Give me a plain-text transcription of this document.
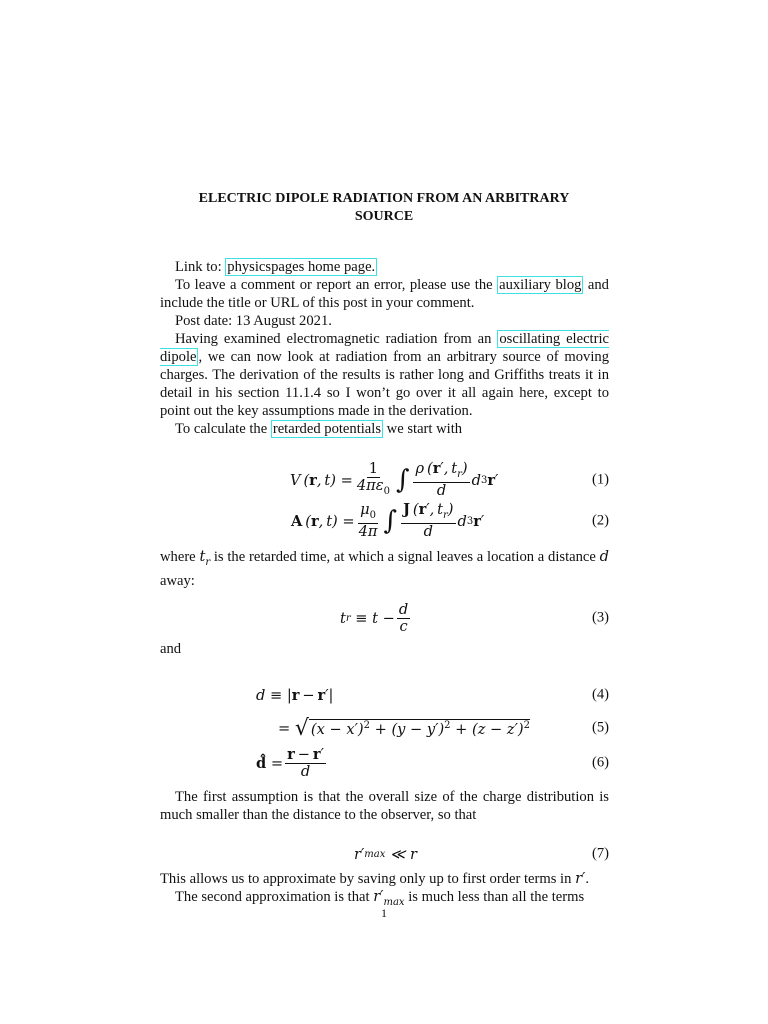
ELECTRIC DIPOLE RADIATION FROM AN ARBITRARY
SOURCE
Link to: physicspages home page.
To leave a comment or report an error, please use the auxiliary blog and include the title or URL of this post in your comment.
Post date: 13 August 2021.
Having examined electromagnetic radiation from an oscillating electric dipole , we can now look at radiation from an arbitrary source of moving charges. The derivation of the results is rather long and Griffiths treats it in detail in his section 11.1.4 so I won’t go over it all again here, except to point out the key assumptions made in the derivation.
To calculate the retarded potentials we start with
V ( r , $t) = \frac{1}{4\pi\varepsilon_0}$ ∫ $\frac{\rho (r', t_r)}{d}$ d 3 r ′	(1)
A  ( r , $t) = \frac{\mu_0}{4\pi}$ ∫ $\frac{J (r', t_r)}{d}$ d 3 r ′	(2)
where $t_r$ is the retarded time, at which a signal leaves a location a distance d away:
t $r \equiv t - \frac{d}{c}$	(3)
and
d ≡ | r  −  r ′|	(4)
= √ $(x - x')^2 + (y - y')^2 + (z - z')^2$	(5)
d̂ = $\frac{r - r'}{d}$	(6)
The first assumption is that the overall size of the charge distribution is much smaller than the distance to the observer, so that
r′ max ≪ r	(7)
This allows us to approximate by saving only up to first order terms in r′.
The second approximation is that $r'_{max}$ is much less than all the terms
1
